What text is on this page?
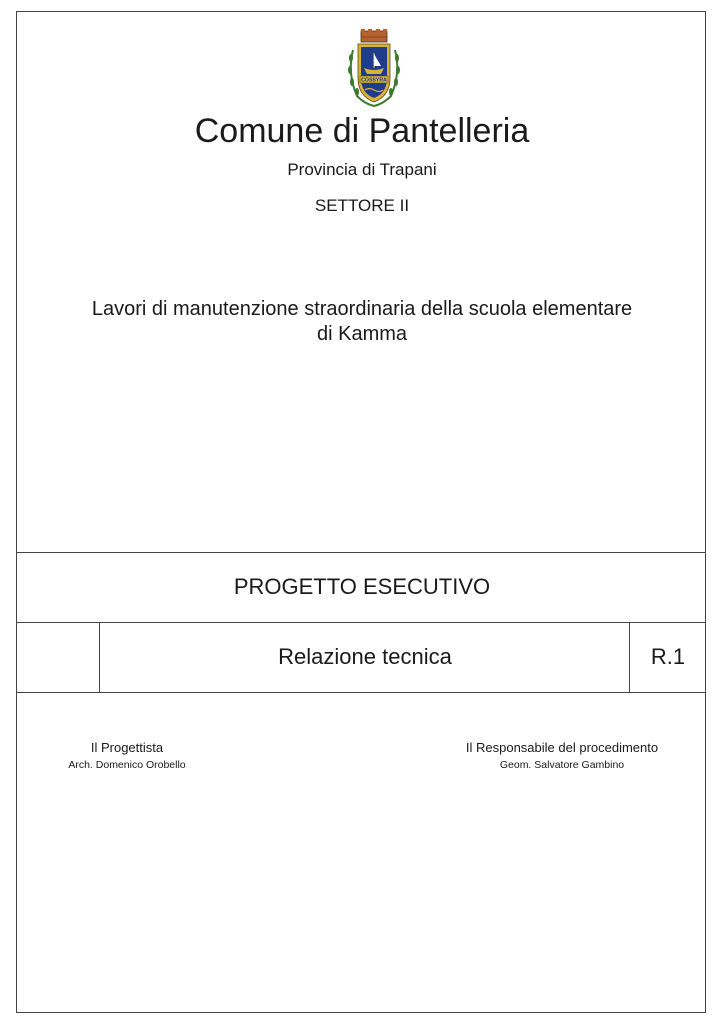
COSSYRA
Comune di Pantelleria
Provincia di Trapani
SETTORE II
Lavori di manutenzione straordinaria della scuola elementare
di Kamma
PROGETTO ESECUTIVO
Relazione tecnica	R.1
Il Progettista
Arch. Domenico Orobello
Il Responsabile del procedimento
Geom. Salvatore Gambino
